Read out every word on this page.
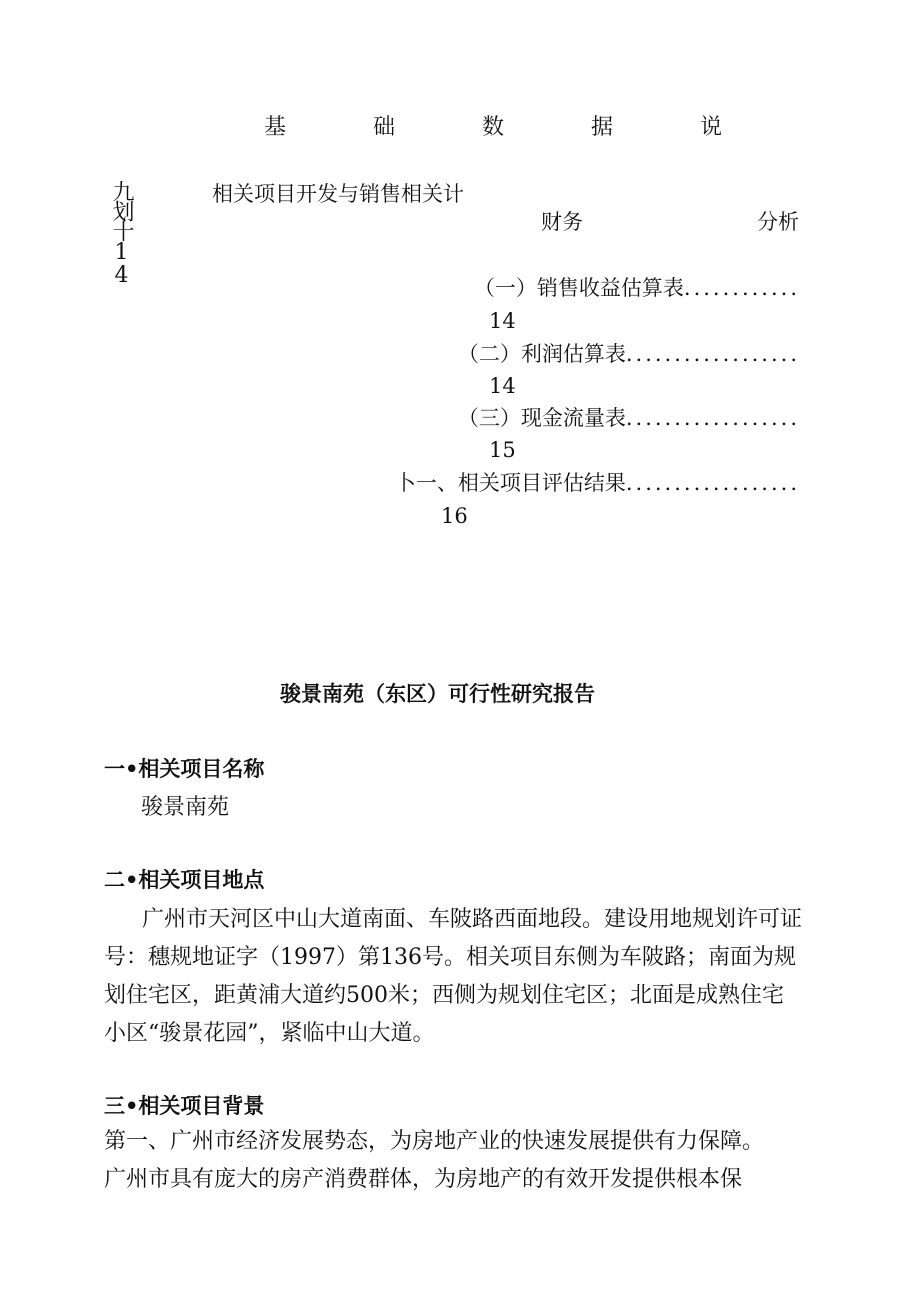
基	础	数	据	说
九划十14	相关项目开发与销售相关计
财务	分析
（一）销售收益估算表 ............
14
（二）利润估算表 ..................
14
（三）现金流量表 ..................
15
卜一、相关项目评估结果 ..................
16
骏景南苑（东区）可行性研究报告
一•相关项目名称
骏景南苑
二•相关项目地点
广州市天河区中山大道南面、车陂路西面地段。建设用地规划许可证号：穗规地证字（1997）第136号。相关项目东侧为车陂路；南面为规划住宅区，距黄浦大道约500米；西侧为规划住宅区；北面是成熟住宅小区“骏景花园”，紧临中山大道。
三•相关项目背景
第一、广州市经济发展势态，为房地产业的快速发展提供有力保障。
广州市具有庞大的房产消费群体，为房地产的有效开发提供根本保
